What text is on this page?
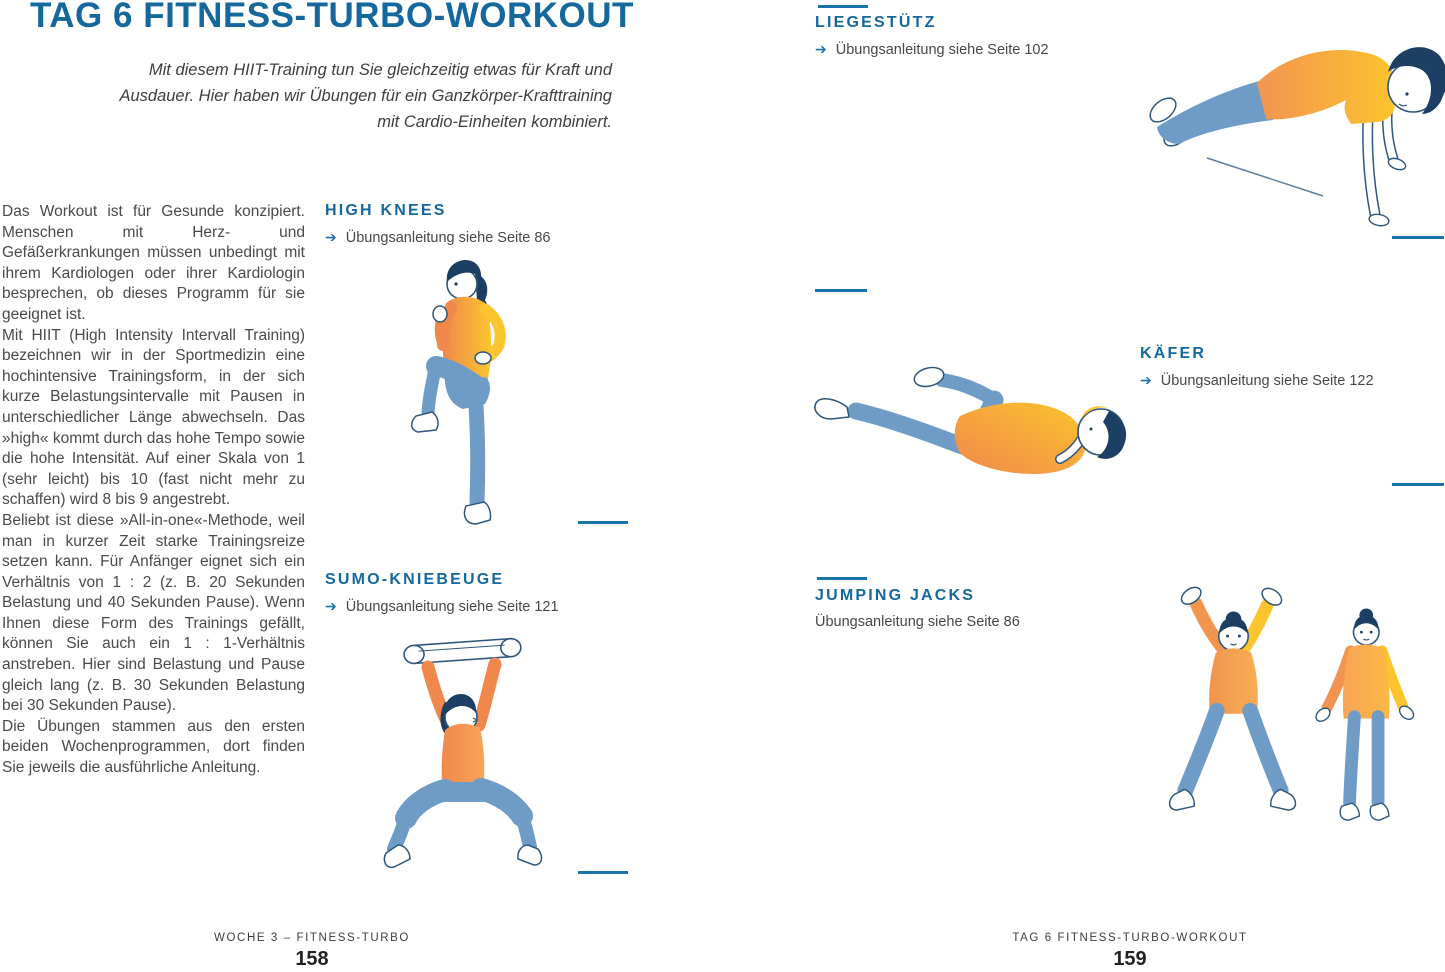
TAG 6 FITNESS-TURBO-WORKOUT
Mit diesem HIIT-Training tun Sie gleichzeitig etwas für Kraft und Ausdauer. Hier haben wir Übungen für ein Ganzkörper-Krafttraining mit Cardio-Einheiten kombiniert.

Das Workout ist für Gesunde konzipiert. Menschen mit Herz- und Gefäßerkrankungen müssen unbedingt mit ihrem Kardiologen oder ihrer Kardiologin besprechen, ob dieses Programm für sie geeignet ist.

Mit HIIT (High Intensity Intervall Training) bezeichnen wir in der Sportmedizin eine hochintensive Trainingsform, in der sich kurze Belastungsintervalle mit Pausen in unterschiedlicher Länge abwechseln. Das »high« kommt durch das hohe Tempo sowie die hohe Intensität. Auf einer Skala von 1 (sehr leicht) bis 10 (fast nicht mehr zu schaffen) wird 8 bis 9 angestrebt.

Beliebt ist diese »All-in-one«-Methode, weil man in kurzer Zeit starke Trainingsreize setzen kann. Für Anfänger eignet sich ein Verhältnis von 1 : 2 (z. B. 20 Sekunden Belastung und 40 Sekunden Pause). Wenn Ihnen diese Form des Trainings gefällt, können Sie auch ein 1 : 1-Verhältnis anstreben. Hier sind Belastung und Pause gleich lang (z. B. 30 Sekunden Belastung bei 30 Sekunden Pause).

Die Übungen stammen aus den ersten beiden Wochenprogrammen, dort finden Sie jeweils die ausführliche Anleitung.

HIGH KNEES
➔ Übungsanleitung siehe Seite 86
SUMO-KNIEBEUGE
➔ Übungsanleitung siehe Seite 121
WOCHE 3 – FITNESS-TURBO
158
LIEGESTÜTZ
➔ Übungsanleitung siehe Seite 102
KÄFER
➔ Übungsanleitung siehe Seite 122
JUMPING JACKS
Übungsanleitung siehe Seite 86
TAG 6 FITNESS-TURBO-WORKOUT
159
